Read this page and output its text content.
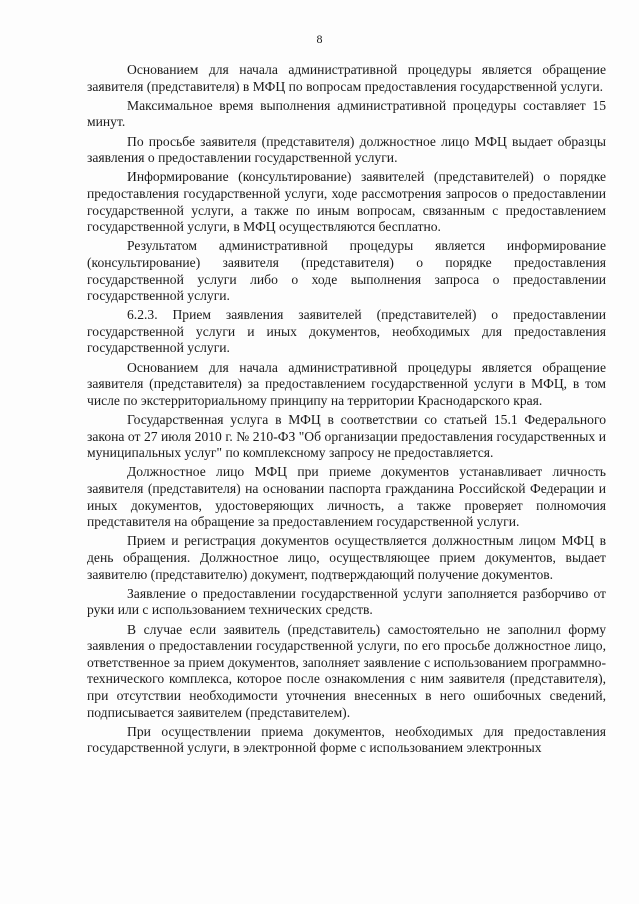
8

Основанием для начала административной процедуры является обращение заявителя (представителя) в МФЦ по вопросам предоставления государственной услуги.

Максимальное время выполнения административной процедуры составляет 15 минут.

По просьбе заявителя (представителя) должностное лицо МФЦ выдает образцы заявления о предоставлении государственной услуги.

Информирование (консультирование) заявителей (представителей) о порядке предоставления государственной услуги, ходе рассмотрения запросов о предоставлении государственной услуги, а также по иным вопросам, связанным с предоставлением государственной услуги, в МФЦ осуществляются бесплатно.

Результатом административной процедуры является информирование (консультирование) заявителя (представителя) о порядке предоставления государственной услуги либо о ходе выполнения запроса о предоставлении государственной услуги.

6.2.3. Прием заявления заявителей (представителей) о предоставлении государственной услуги и иных документов, необходимых для предоставления государственной услуги.

Основанием для начала административной процедуры является обращение заявителя (представителя) за предоставлением государственной услуги в МФЦ, в том числе по экстерриториальному принципу на территории Краснодарского края.

Государственная услуга в МФЦ в соответствии со статьей 15.1 Федерального закона от 27 июля 2010 г. № 210-ФЗ "Об организации предоставления государственных и муниципальных услуг" по комплексному запросу не предоставляется.

Должностное лицо МФЦ при приеме документов устанавливает личность заявителя (представителя) на основании паспорта гражданина Российской Федерации и иных документов, удостоверяющих личность, а также проверяет полномочия представителя на обращение за предоставлением государственной услуги.

Прием и регистрация документов осуществляется должностным лицом МФЦ в день обращения. Должностное лицо, осуществляющее прием документов, выдает заявителю (представителю) документ, подтверждающий получение документов.

Заявление о предоставлении государственной услуги заполняется разборчиво от руки или с использованием технических средств.

В случае если заявитель (представитель) самостоятельно не заполнил форму заявления о предоставлении государственной услуги, по его просьбе должностное лицо, ответственное за прием документов, заполняет заявление с использованием программно-технического комплекса, которое после ознакомления с ним заявителя (представителя), при отсутствии необходимости уточнения внесенных в него ошибочных сведений, подписывается заявителем (представителем).

При осуществлении приема документов, необходимых для предоставления государственной услуги, в электронной форме с использованием электронных
